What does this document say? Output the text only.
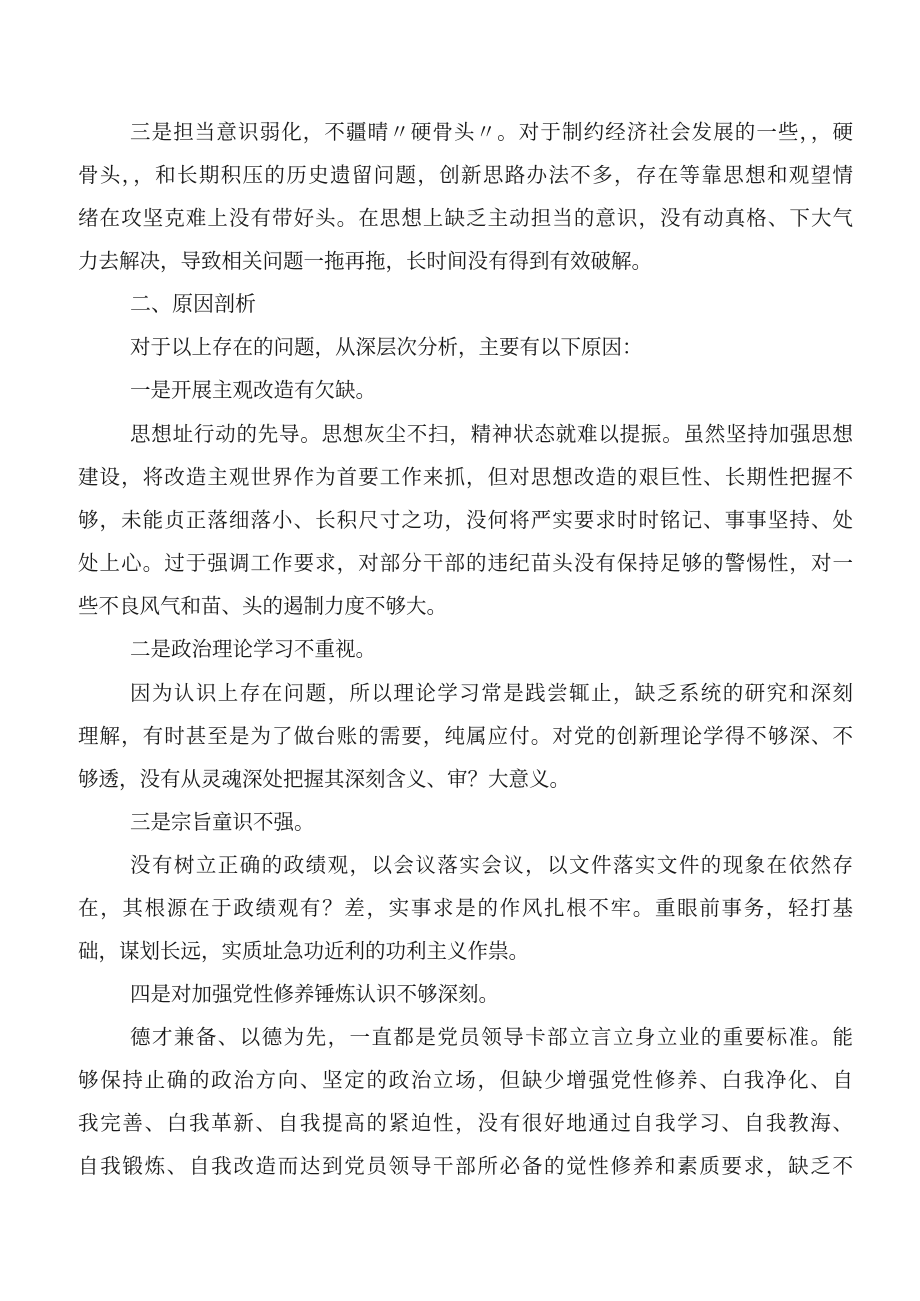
三是担当意识弱化，不疆晴〃硬骨头〃。对于制约经济社会发展的一些，，硬

骨头，，和长期积压的历史遗留问题，创新思路办法不多，存在等靠思想和观望情

绪在攻坚克难上没有带好头。在思想上缺乏主动担当的意识，没有动真格、下大气

力去解决，导致相关问题一拖再拖，长时间没有得到有效破解。

二、原因剖析

对于以上存在的问题，从深层次分析，主要有以下原因：

一是开展主观改造有欠缺。

思想址行动的先导。思想灰尘不扫，精神状态就难以提振。虽然坚持加强思想

建设，将改造主观世界作为首要工作来抓，但对思想改造的艰巨性、长期性把握不

够，未能贞正落细落小、长积尺寸之功，没何将严实要求时时铭记、事事坚持、处

处上心。过于强调工作要求，对部分干部的违纪苗头没有保持足够的警惕性，对一

些不良风气和苗、头的遏制力度不够大。

二是政治理论学习不重视。

因为认识上存在问题，所以理论学习常是践尝辄止，缺乏系统的研究和深刻

理解，有时甚至是为了做台账的需要，纯属应付。对党的创新理论学得不够深、不

够透，没有从灵魂深处把握其深刻含义、审？大意义。

三是宗旨童识不强。

没有树立正确的政绩观，以会议落实会议，以文件落实文件的现象在依然存

在，其根源在于政绩观有？差，实事求是的作风扎根不牢。重眼前事务，轻打基

础，谋划长远，实质址急功近利的功利主义作祟。

四是对加强党性修养锤炼认识不够深刻。

德才兼备、以德为先，一直都是党员领导卡部立言立身立业的重要标准。能

够保持止确的政治方向、坚定的政治立场，但缺少增强党性修养、白我净化、自

我完善、白我革新、自我提高的紧迫性，没有很好地通过自我学习、自我教海、

自我锻炼、自我改造而达到党员领导干部所必备的觉性修养和素质要求，缺乏不
